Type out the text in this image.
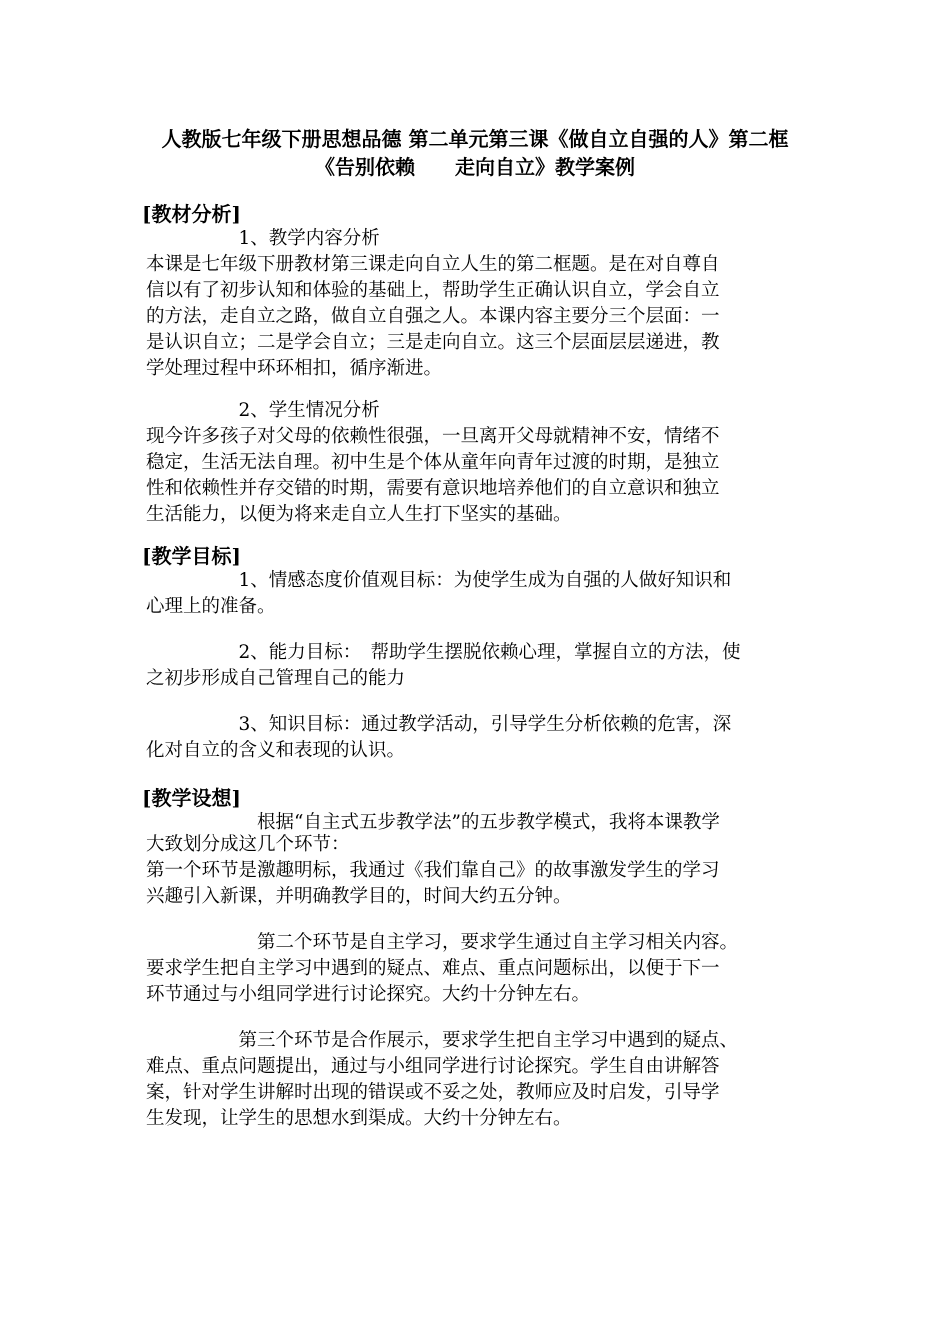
人教版七年级下册思想品德 第二单元第三课《做自立自强的人》第二框
《告别依赖　　走向自立》教学案例
[教材分析]
　　　　　1、教学内容分析
本课是七年级下册教材第三课走向自立人生的第二框题。是在对自尊自
信以有了初步认知和体验的基础上，帮助学生正确认识自立，学会自立
的方法，走自立之路，做自立自强之人。本课内容主要分三个层面：一
是认识自立；二是学会自立；三是走向自立。这三个层面层层递进，教
学处理过程中环环相扣，循序渐进。
　　　　　2、学生情况分析
现今许多孩子对父母的依赖性很强，一旦离开父母就精神不安，情绪不
稳定，生活无法自理。初中生是个体从童年向青年过渡的时期，是独立
性和依赖性并存交错的时期，需要有意识地培养他们的自立意识和独立
生活能力，以便为将来走自立人生打下坚实的基础。
[教学目标]
　　　　　1、情感态度价值观目标：为使学生成为自强的人做好知识和
心理上的准备。
　　　　　2、能力目标：　帮助学生摆脱依赖心理，掌握自立的方法，使
之初步形成自己管理自己的能力
　　　　　3、知识目标：通过教学活动，引导学生分析依赖的危害，深
化对自立的含义和表现的认识。
[教学设想]
　　　　　　根据“自主式五步教学法”的五步教学模式，我将本课教学
大致划分成这几个环节：
第一个环节是激趣明标，我通过《我们靠自己》的故事激发学生的学习
兴趣引入新课，并明确教学目的，时间大约五分钟。
　　　　　　第二个环节是自主学习，要求学生通过自主学习相关内容。
要求学生把自主学习中遇到的疑点、难点、重点问题标出，以便于下一
环节通过与小组同学进行讨论探究。大约十分钟左右。
　　　　　第三个环节是合作展示，要求学生把自主学习中遇到的疑点、
难点、重点问题提出，通过与小组同学进行讨论探究。学生自由讲解答
案，针对学生讲解时出现的错误或不妥之处，教师应及时启发，引导学
生发现，让学生的思想水到渠成。大约十分钟左右。
